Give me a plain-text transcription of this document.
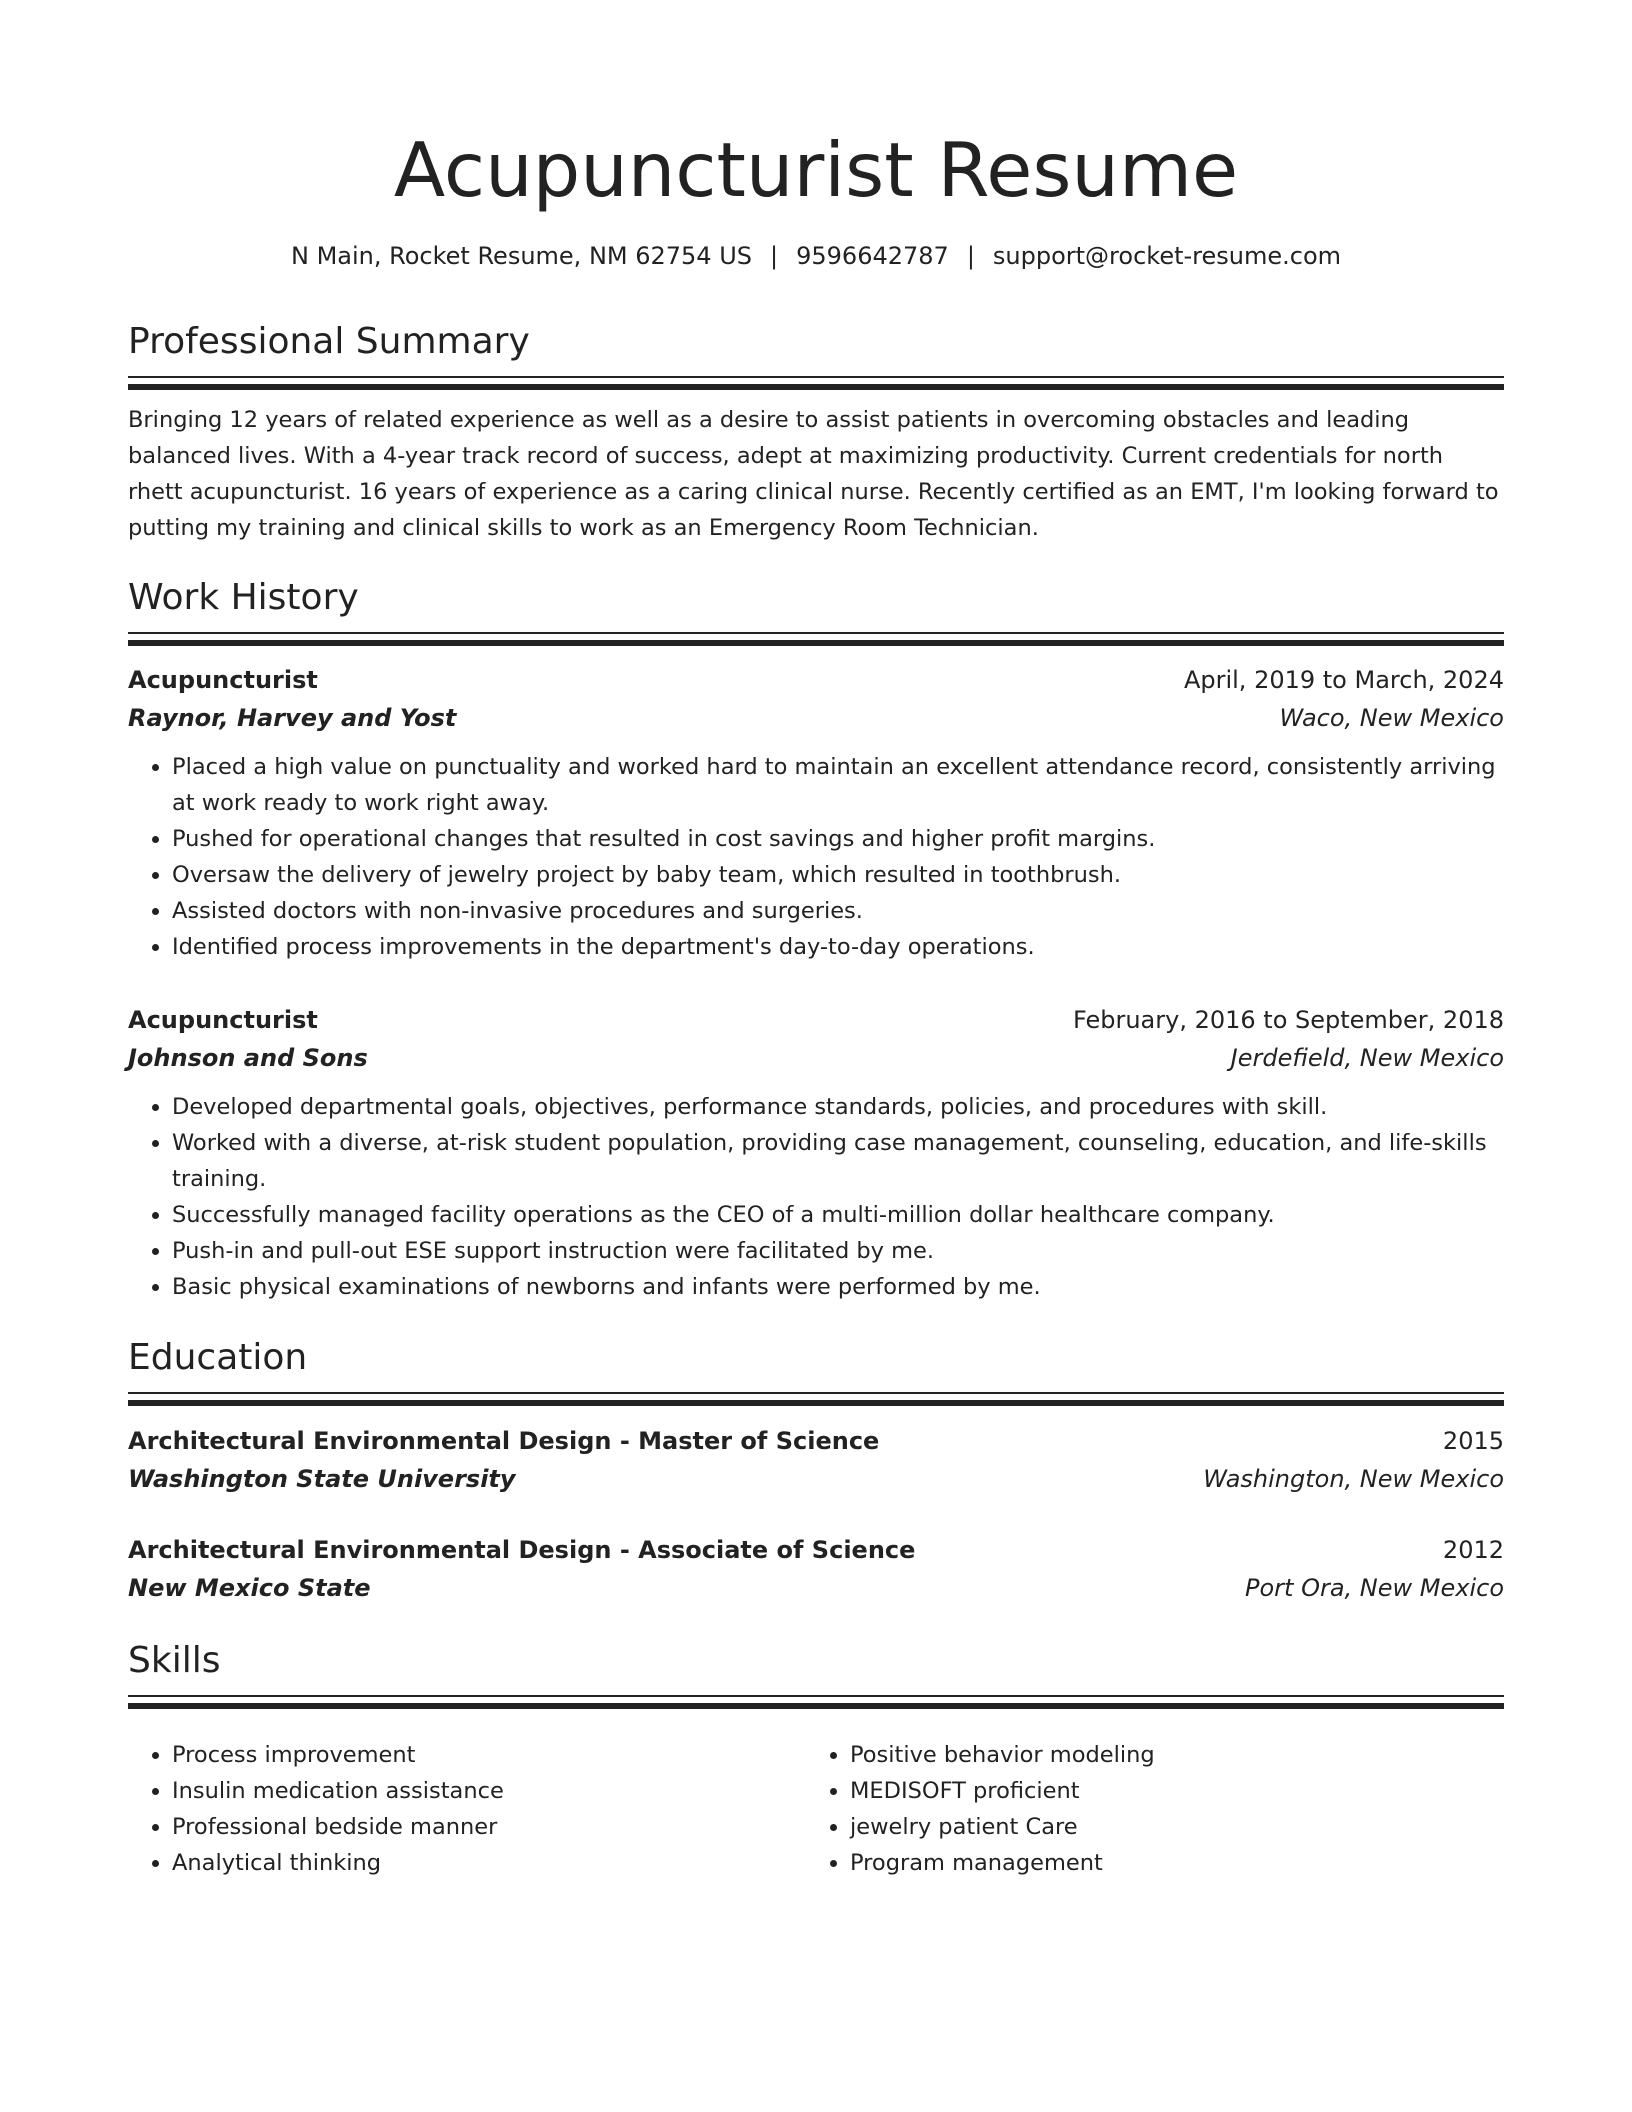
Acupuncturist Resume
N Main, Rocket Resume, NM 62754 US | 9596642787 | support@rocket-resume.com
Professional Summary

Bringing 12 years of related experience as well as a desire to assist patients in overcoming obstacles and leading balanced lives. With a 4-year track record of success, adept at maximizing productivity. Current credentials for north rhett acupuncturist. 16 years of experience as a caring clinical nurse. Recently certified as an EMT, I'm looking forward to putting my training and clinical skills to work as an Emergency Room Technician.

Work History
Acupuncturist	April, 2019 to March, 2024
Raynor, Harvey and Yost	Waco, New Mexico
• Placed a high value on punctuality and worked hard to maintain an excellent attendance record, consistently arriving at work ready to work right away.
• Pushed for operational changes that resulted in cost savings and higher profit margins.
• Oversaw the delivery of jewelry project by baby team, which resulted in toothbrush.
• Assisted doctors with non-invasive procedures and surgeries.
• Identified process improvements in the department's day-to-day operations.
Acupuncturist	February, 2016 to September, 2018
Johnson and Sons	Jerdefield, New Mexico
• Developed departmental goals, objectives, performance standards, policies, and procedures with skill.
• Worked with a diverse, at-risk student population, providing case management, counseling, education, and life-skills training.
• Successfully managed facility operations as the CEO of a multi-million dollar healthcare company.
• Push-in and pull-out ESE support instruction were facilitated by me.
• Basic physical examinations of newborns and infants were performed by me.
Education
Architectural Environmental Design - Master of Science	2015
Washington State University	Washington, New Mexico
Architectural Environmental Design - Associate of Science	2012
New Mexico State	Port Ora, New Mexico
Skills
• Process improvement
• Insulin medication assistance
• Professional bedside manner
• Analytical thinking
• Positive behavior modeling
• MEDISOFT proficient
• jewelry patient Care
• Program management
